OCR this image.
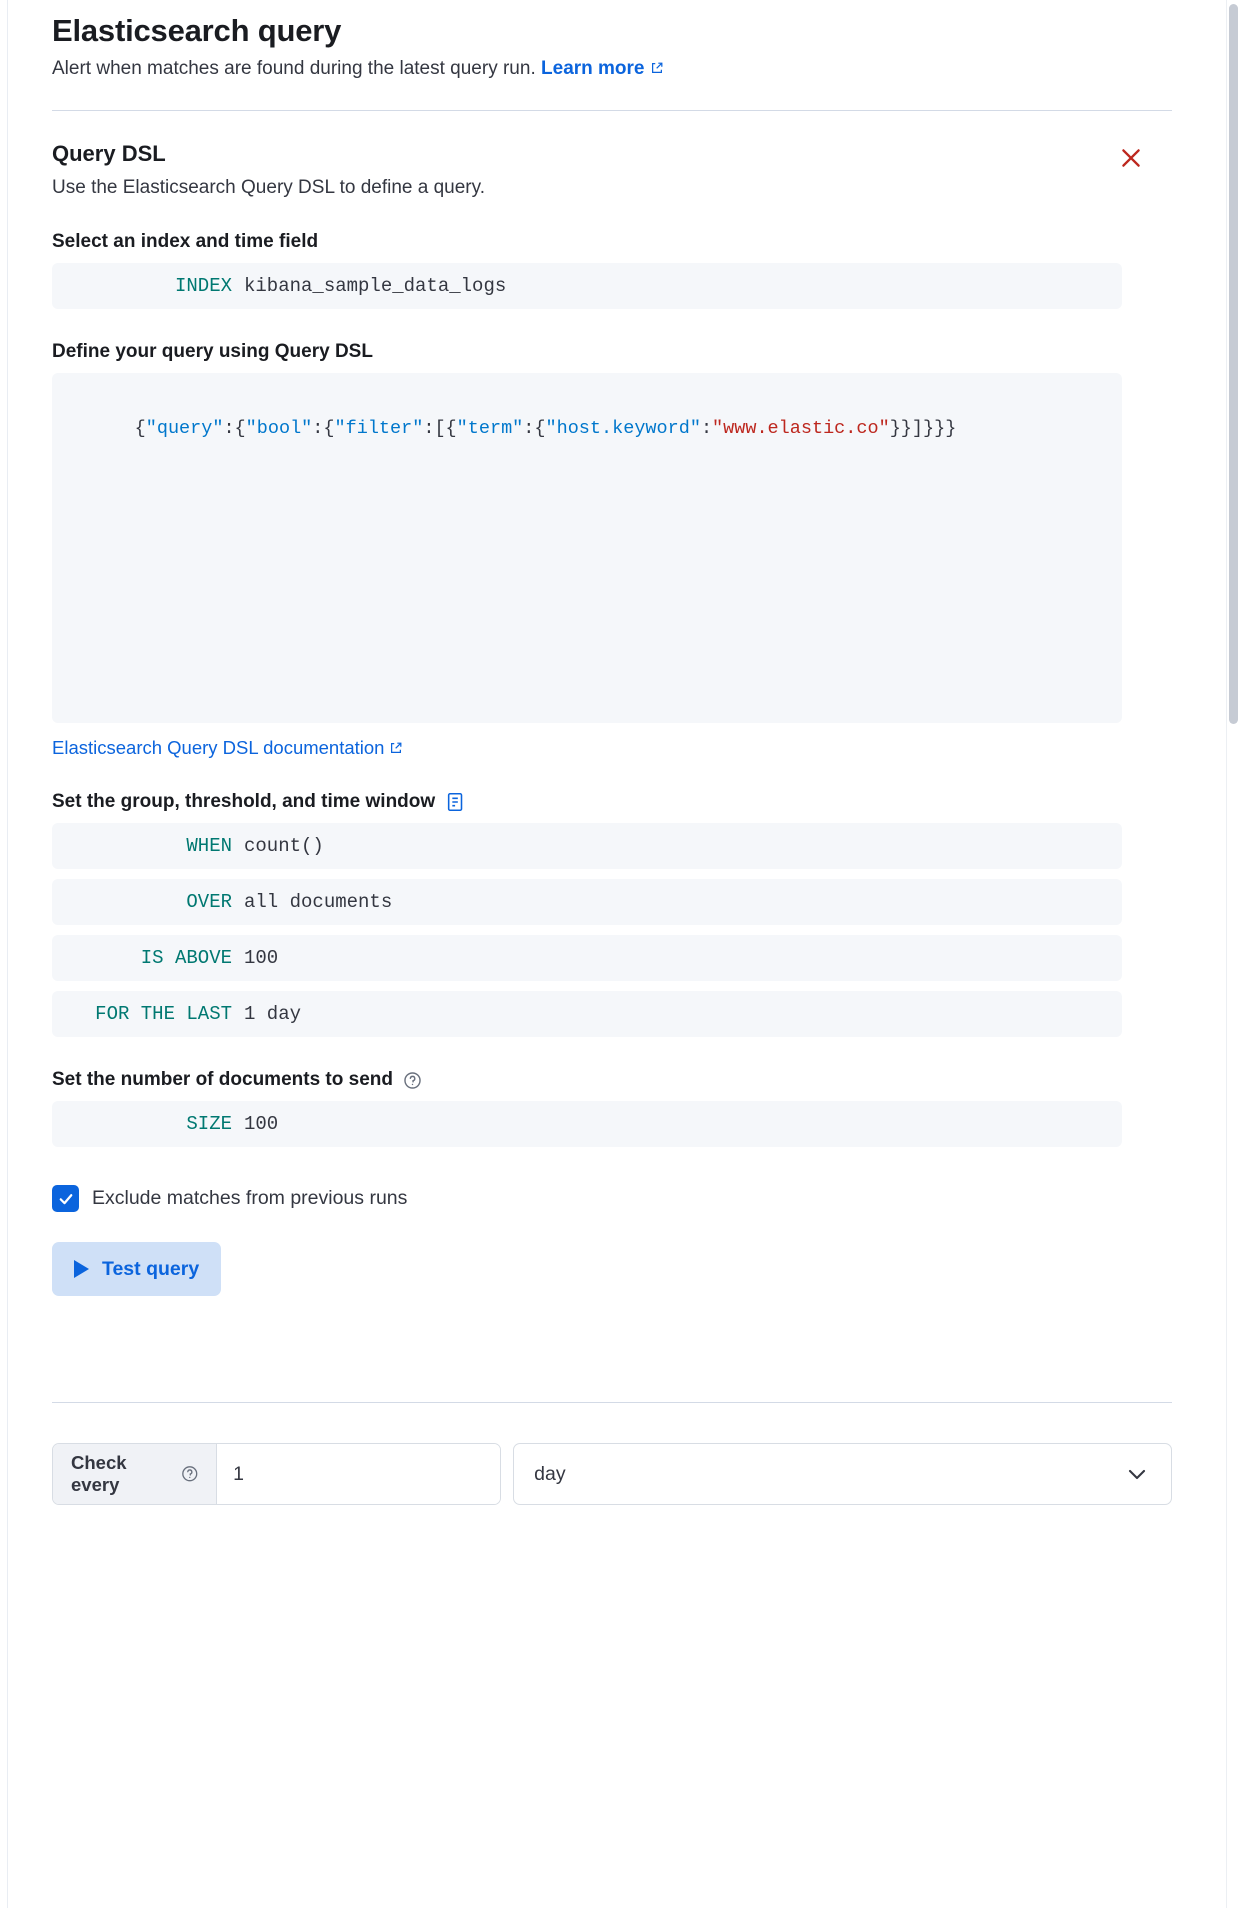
Elasticsearch query
Alert when matches are found during the latest query run. Learn more
Query DSL
Use the Elasticsearch Query DSL to define a query.
Select an index and time field
INDEX kibana_sample_data_logs
Define your query using Query DSL

{"query":{"bool":{"filter":[{"term":{"host.keyword":"www.elastic.co"}}]}}}

Elasticsearch Query DSL documentation
Set the group, threshold, and time window
WHEN count()
OVER all documents
IS ABOVE 100
FOR THE LAST 1 day
Set the number of documents to send
SIZE 100
Exclude matches from previous runs
Test query
Check every
1	day
